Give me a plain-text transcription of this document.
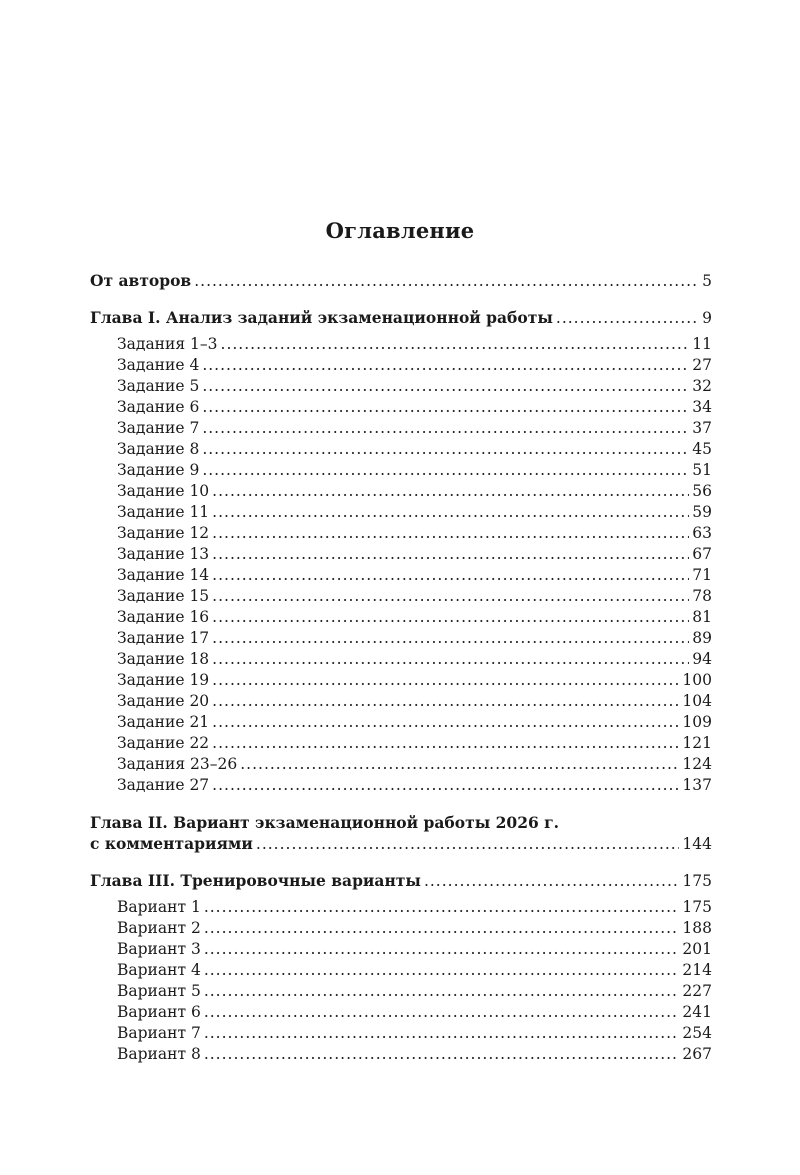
Оглавление
От авторов .....	5
Глава I. Анализ заданий экзаменационной работы .....	9
Задания 1–3 .....	11
Задание 4 .....	27
Задание 5 .....	32
Задание 6 .....	34
Задание 7 .....	37
Задание 8 .....	45
Задание 9 .....	51
Задание 10 .....	56
Задание 11 .....	59
Задание 12 .....	63
Задание 13 .....	67
Задание 14 .....	71
Задание 15 .....	78
Задание 16 .....	81
Задание 17 .....	89
Задание 18 .....	94
Задание 19 .....	100
Задание 20 .....	104
Задание 21 .....	109
Задание 22 .....	121
Задания 23–26 .....	124
Задание 27 .....	137
Глава II. Вариант экзаменационной работы 2026 г.
с комментариями .....	144
Глава III. Тренировочные варианты .....	175
Вариант 1 .....	175
Вариант 2 .....	188
Вариант 3 .....	201
Вариант 4 .....	214
Вариант 5 .....	227
Вариант 6 .....	241
Вариант 7 .....	254
Вариант 8 .....	267
